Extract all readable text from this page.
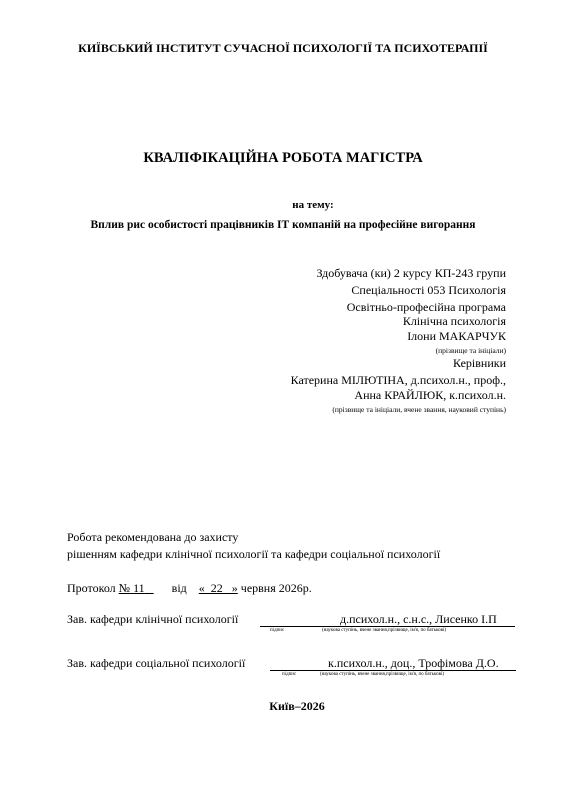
КИЇВСЬКИЙ ІНСТИТУТ СУЧАСНОЇ ПСИХОЛОГІЇ ТА ПСИХОТЕРАПІЇ
КВАЛІФІКАЦІЙНА РОБОТА МАГІСТРА
на тему:
Вплив рис особистості працівників ІТ компаній на професійне вигорання
Здобувача (ки) 2 курсу КП-243 групи
Спеціальності 053 Психологія
Освітньо-професійна програма
Клінічна психологія
Ілони МАКАРЧУК
(прізвище та ініціали)
Керівники
Катерина МІЛЮТІНА, д.психол.н., проф.,
Анна КРАЙЛЮК, к.психол.н.
(прізвище та ініціали, вчене звання, науковий ступінь)
Робота рекомендована до захисту
рішенням кафедри клінічної психології та кафедри соціальної психології
Протокол № 11 від «  22   » червня 2026р.
Зав. кафедри клінічної психології	д.психол.н., с.н.с., Лисенко І.П
підпис	(наукова ступінь, вчене звання,прізвище, ім'я, по батькові)
Зав. кафедри соціальної психології	к.психол.н., доц., Трофімова Д.О.
підпис	(наукова ступінь, вчене звання,прізвище, ім'я, по батькові)
Київ–2026
